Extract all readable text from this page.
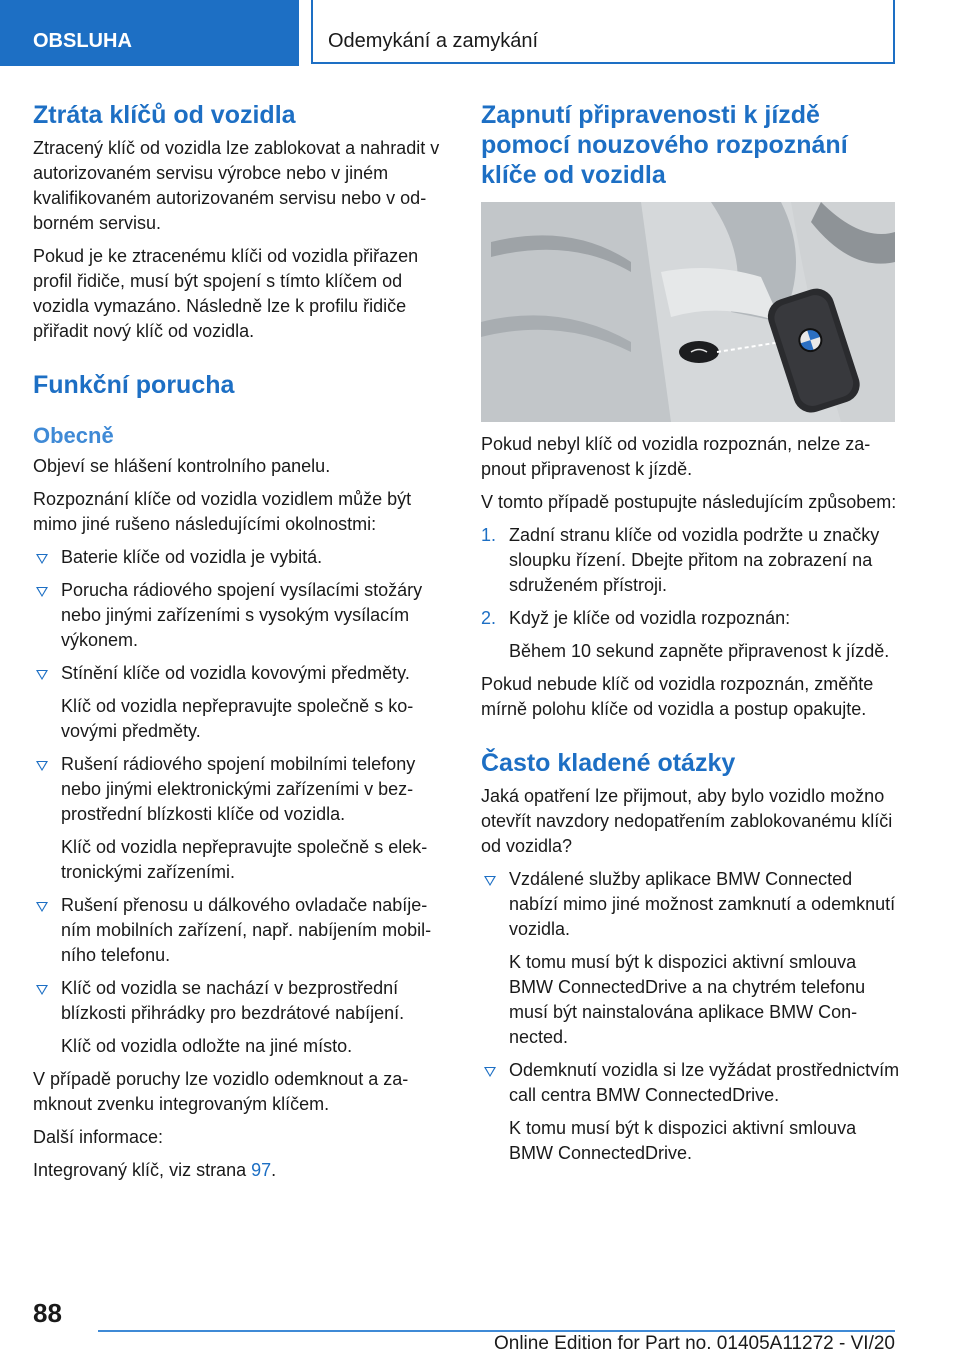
OBSLUHA	Odemykání a zamykání
Ztráta klíčů od vozidla

Ztracený klíč od vozidla lze zablokovat a nahradit v autorizovaném servisu výrobce nebo v jiném kvalifikovaném autorizovaném servisu nebo v odborném servisu.

Pokud je ke ztracenému klíči od vozidla přiřazen profil řidiče, musí být spojení s tímto klíčem od vozidla vymazáno. Následně lze k profilu řidiče přiřadit nový klíč od vozidla.

Funkční porucha
Obecně

Objeví se hlášení kontrolního panelu.

Rozpoznání klíče od vozidla vozidlem může být mimo jiné rušeno následujícími okolnostmi:

Baterie klíče od vozidla je vybitá.
Porucha rádiového spojení vysílacími stožáry nebo jinými zařízeními s vysokým vysílacím výkonem.
Stínění klíče od vozidla kovovými předměty.

Klíč od vozidla nepřepravujte společně s kovovými předměty.

Rušení rádiového spojení mobilními telefony nebo jinými elektronickými zařízeními v bezprostřední blízkosti klíče od vozidla.

Klíč od vozidla nepřepravujte společně s elektronickými zařízeními.

Rušení přenosu u dálkového ovladače nabíjením mobilních zařízení, např. nabíjením mobilního telefonu.
Klíč od vozidla se nachází v bezprostřední blízkosti přihrádky pro bezdrátové nabíjení.

Klíč od vozidla odložte na jiné místo.

V případě poruchy lze vozidlo odemknout a zamknout zvenku integrovaným klíčem.

Další informace:

Integrovaný klíč, viz strana 97.

Zapnutí připravenosti k jízdě pomocí nouzového rozpoznání klíče od vozidla

Pokud nebyl klíč od vozidla rozpoznán, nelze zapnout připravenost k jízdě.

V tomto případě postupujte následujícím způsobem:

1. Zadní stranu klíče od vozidla podržte u značky sloupku řízení. Dbejte přitom na zobrazení na sdruženém přístroji.
2. Když je klíče od vozidla rozpoznán:

Během 10 sekund zapněte připravenost k jízdě.

Pokud nebude klíč od vozidla rozpoznán, změňte mírně polohu klíče od vozidla a postup opakujte.

Často kladené otázky

Jaká opatření lze přijmout, aby bylo vozidlo možno otevřít navzdory nedopatřením zablokovanému klíči od vozidla?

Vzdálené služby aplikace BMW Connected nabízí mimo jiné možnost zamknutí a odemknutí vozidla.

K tomu musí být k dispozici aktivní smlouva BMW ConnectedDrive a na chytrém telefonu musí být nainstalována aplikace BMW Connected.

Odemknutí vozidla si lze vyžádat prostřednictvím call centra BMW ConnectedDrive.

K tomu musí být k dispozici aktivní smlouva BMW ConnectedDrive.

88
Online Edition for Part no. 01405A11272 - VI/20
